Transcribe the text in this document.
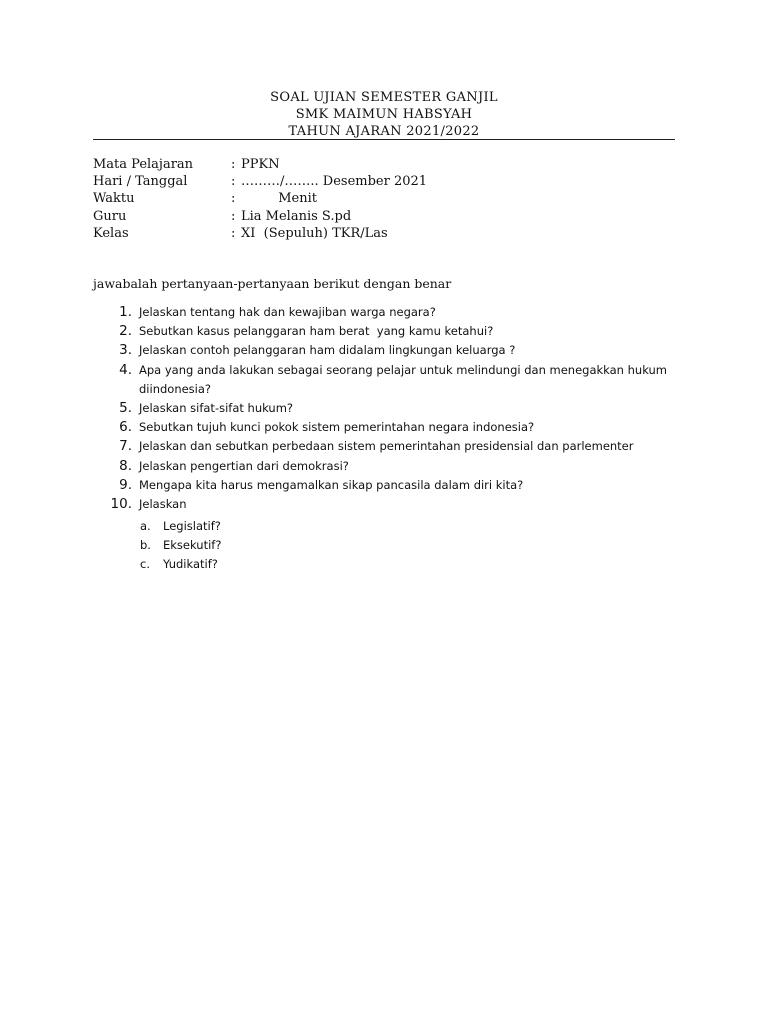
SOAL UJIAN SEMESTER GANJIL
SMK MAIMUN HABSYAH
TAHUN AJARAN 2021/2022
Mata Pelajaran	: PPKN
Hari / Tanggal	: ………/…….. Desember 2021
Waktu	: Menit
Guru	: Lia Melanis S.pd
Kelas	: XI  (Sepuluh) TKR/Las
jawabalah pertanyaan-pertanyaan berikut dengan benar
1. Jelaskan tentang hak dan kewajiban warga negara?
2. Sebutkan kasus pelanggaran ham berat  yang kamu ketahui?
3. Jelaskan contoh pelanggaran ham didalam lingkungan keluarga ?
4. Apa yang anda lakukan sebagai seorang pelajar untuk melindungi dan menegakkan hukum diindonesia?
5. Jelaskan sifat-sifat hukum?
6. Sebutkan tujuh kunci pokok sistem pemerintahan negara indonesia?
7. Jelaskan dan sebutkan perbedaan sistem pemerintahan presidensial dan parlementer
8. Jelaskan pengertian dari demokrasi?
9. Mengapa kita harus mengamalkan sikap pancasila dalam diri kita?
10. Jelaskan
a.	Legislatif?
b.	Eksekutif?
c.	Yudikatif?
